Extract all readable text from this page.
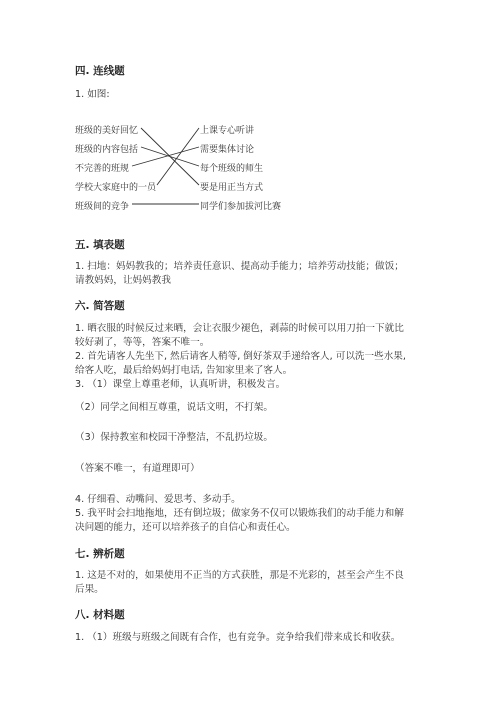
四. 连线题
1. 如图:
班级的美好回忆
班级的内容包括
不完善的班规
学校大家庭中的一员
班级间的竞争
上课专心听讲
需要集体讨论
每个班级的师生
要是用正当方式
同学们参加拔河比赛
五. 填表题
1. 扫地：妈妈教我的；培养责任意识、提高动手能力；培养劳动技能；做饭；
请教妈妈，让妈妈教我
六. 简答题
1. 晒衣服的时候反过来晒，会让衣服少褪色，剥蒜的时候可以用刀拍一下就比
较好剥了，等等，答案不唯一。
2. 首先请客人先坐下, 然后请客人稍等, 倒好茶双手递给客人, 可以洗一些水果,
给客人吃，最后给妈妈打电话, 告知家里来了客人。
3. （1）课堂上尊重老师，认真听讲，积极发言。
（2）同学之间相互尊重，说话文明，不打架。
（3）保持教室和校园干净整洁，不乱扔垃圾。
（答案不唯一，有道理即可）
4. 仔细看、动嘴问、爱思考、多动手。
5. 我平时会扫地拖地，还有倒垃圾；做家务不仅可以锻炼我们的动手能力和解
决问题的能力，还可以培养孩子的自信心和责任心。
七. 辨析题
1. 这是不对的，如果使用不正当的方式获胜，那是不光彩的，甚至会产生不良
后果。
八. 材料题
1. （1）班级与班级之间既有合作，也有竞争。竞争给我们带来成长和收获。
